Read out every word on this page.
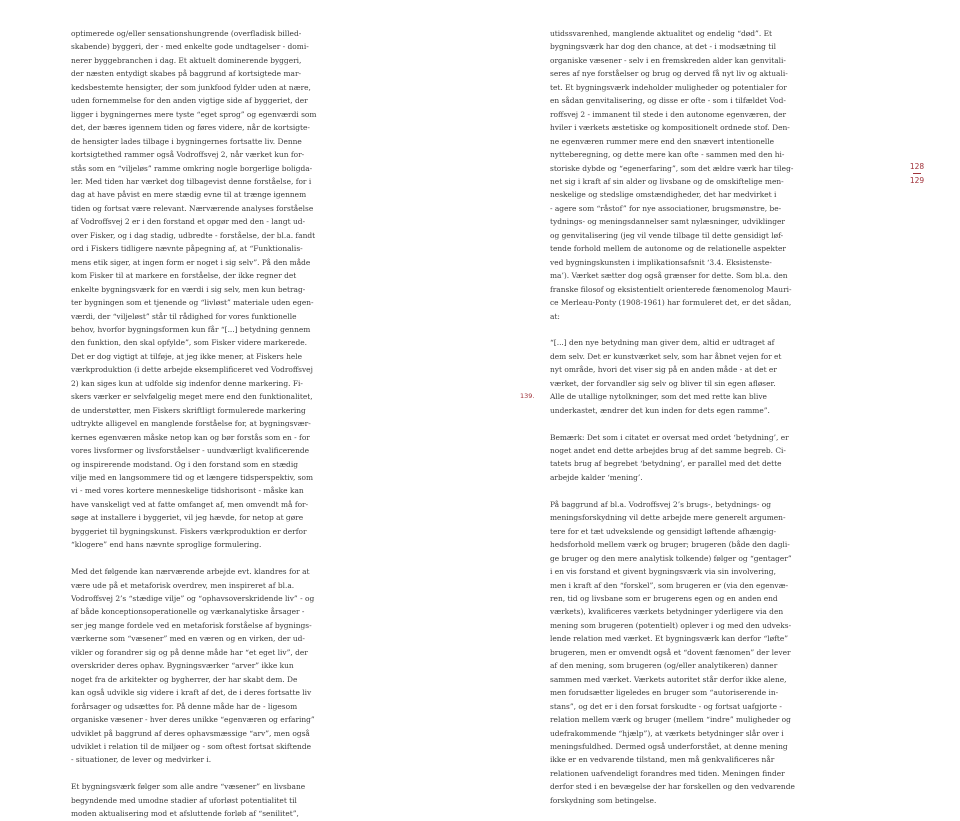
optimerede og/eller sensationshungrende (overfladisk billed-
skabende) byggeri, der - med enkelte gode undtagelser - domi-
nerer byggebranchen i dag. Et aktuelt dominerende byggeri,
der næsten entydigt skabes på baggrund af kortsigtede mar-
kedsbestemte hensigter, der som junkfood fylder uden at nære,
uden fornemmelse for den anden vigtige side af byggeriet, der
ligger i bygningernes mere tyste “eget sprog” og egenværdi som
det, der bæres igennem tiden og føres videre, når de kortsigte-
de hensigter lades tilbage i bygningernes fortsatte liv. Denne
kortsigtethed rammer også Vodroffsvej 2, når værket kun for-
stås som en “viljeløs” ramme omkring nogle borgerlige boligda-
ler. Med tiden har værket dog tilbagevist denne forståelse, for i
dag at have påvist en mere stædig evne til at trænge igennem
tiden og fortsat være relevant. Nærværende analyses forståelse
af Vodroffsvej 2 er i den forstand et opgør med den - langt ud-
over Fisker, og i dag stadig, udbredte - forståelse, der bl.a. fandt
ord i Fiskers tidligere nævnte påpegning af, at “Funktionalis-
mens etik siger, at ingen form er noget i sig selv”. På den måde
kom Fisker til at markere en forståelse, der ikke regner det
enkelte bygningsværk for en værdi i sig selv, men kun betrag-
ter bygningen som et tjenende og “livløst” materiale uden egen-
værdi, der “viljeløst” står til rådighed for vores funktionelle
behov, hvorfor bygningsformen kun får “[...] betydning gennem
den funktion, den skal opfylde”, som Fisker videre markerede.
Det er dog vigtigt at tilføje, at jeg ikke mener, at Fiskers hele
værkproduktion (i dette arbejde eksemplificeret ved Vodroffsvej
2) kan siges kun at udfolde sig indenfor denne markering. Fi-
skers værker er selvfølgelig meget mere end den funktionalitet,
de understøtter, men Fiskers skriftligt formulerede markering
udtrykte alligevel en manglende forståelse for, at bygningsvær-
kernes egenværen måske netop kan og bør forstås som en - for
vores livsformer og livsforståelser - uundværligt kvalificerende
og inspirerende modstand. Og i den forstand som en stædig
vilje med en langsommere tid og et længere tidsperspektiv, som
vi - med vores kortere menneskelige tidshorisont - måske kan
have vanskeligt ved at fatte omfanget af, men omvendt må for-
søge at installere i byggeriet, vil jeg hævde, for netop at gøre
byggeriet til bygningskunst. Fiskers værkproduktion er derfor
“klogere” end hans nævnte sproglige formulering.

Med det følgende kan nærværende arbejde evt. klandres for at
være ude på et metaforisk overdrev, men inspireret af bl.a.
Vodroffsvej 2’s “stædige vilje” og “ophavsoverskridende liv” - og
af både konceptionsoperationelle og værkanalytiske årsager -
ser jeg mange fordele ved en metaforisk forståelse af bygnings-
værkerne som “væsener” med en væren og en virken, der ud-
vikler og forandrer sig og på denne måde har “et eget liv”, der
overskrider deres ophav. Bygningsværker “arver” ikke kun
noget fra de arkitekter og bygherrer, der har skabt dem. De
kan også udvikle sig videre i kraft af det, de i deres fortsatte liv
forårsager og udsættes for. På denne måde har de - ligesom
organiske væsener - hver deres unikke “egenværen og erfaring”
udviklet på baggrund af deres ophavsmæssige “arv”, men også
udviklet i relation til de miljøer og - som oftest fortsat skiftende
- situationer, de lever og medvirker i.

Et bygningsværk følger som alle andre “væsener” en livsbane
begyndende med umodne stadier af uforløst potentialitet til
moden aktualisering mod et afsluttende forløb af “senilitet”,

139.

utidssvarenhed, manglende aktualitet og endelig “død”. Et
bygningsværk har dog den chance, at det - i modsætning til
organiske væsener - selv i en fremskreden alder kan genvitali-
seres af nye forståelser og brug og derved få nyt liv og aktuali-
tet. Et bygningsværk indeholder muligheder og potentialer for
en sådan genvitalisering, og disse er ofte - som i tilfældet Vod-
roffsvej 2 - immanent til stede i den autonome egenværen, der
hviler i værkets æstetiske og kompositionelt ordnede stof. Den-
ne egenværen rummer mere end den snævert intentionelle
nytteberegning, og dette mere kan ofte - sammen med den hi-
storiske dybde og “egenerfaring”, som det ældre værk har tileg-
net sig i kraft af sin alder og livsbane og de omskiftelige men-
neskelige og stedslige omstændigheder, det har medvirket i
- agere som “råstof” for nye associationer, brugsmønstre, be-
tydnings- og meningsdannelser samt nylæsninger, udviklinger
og genvitalisering (jeg vil vende tilbage til dette gensidigt løf-
tende forhold mellem de autonome og de relationelle aspekter
ved bygningskunsten i implikationsafsnit ‘3.4. Eksistenste-
ma’). Værket sætter dog også grænser for dette. Som bl.a. den
franske filosof og eksistentielt orienterede fænomenolog Mauri-
ce Merleau-Ponty (1908-1961) har formuleret det, er det sådan,
at:

“[...] den nye betydning man giver dem, altid er udtraget af
dem selv. Det er kunstværket selv, som har åbnet vejen for et
nyt område, hvori det viser sig på en anden måde - at det er
værket, der forvandler sig selv og bliver til sin egen afløser.
Alle de utallige nytolkninger, som det med rette kan blive
underkastet, ændrer det kun inden for dets egen ramme”.

Bemærk: Det som i citatet er oversat med ordet ‘betydning’, er
noget andet end dette arbejdes brug af det samme begreb. Ci-
tatets brug af begrebet ‘betydning’, er parallel med det dette
arbejde kalder ‘mening’.

På baggrund af bl.a. Vodroffsvej 2’s brugs-, betydnings- og
meningsforskydning vil dette arbejde mere generelt argumen-
tere for et tæt udvekslende og gensidigt løftende afhængig-
hedsforhold mellem værk og bruger; brugeren (både den dagli-
ge bruger og den mere analytisk tolkende) følger og “gentager”
i en vis forstand et givent bygningsværk via sin involvering,
men i kraft af den “forskel”, som brugeren er (via den egenvæ-
ren, tid og livsbane som er brugerens egen og en anden end
værkets), kvalificeres værkets betydninger yderligere via den
mening som brugeren (potentielt) oplever i og med den udveks-
lende relation med værket. Et bygningsværk kan derfor “løfte”
brugeren, men er omvendt også et “dovent fænomen” der lever
af den mening, som brugeren (og/eller analytikeren) danner
sammen med værket. Værkets autoritet står derfor ikke alene,
men forudsætter ligeledes en bruger som “autoriserende in-
stans”, og det er i den forsat forskudte - og fortsat uafgjorte -
relation mellem værk og bruger (mellem “indre” muligheder og
udefrakommende “hjælp”), at værkets betydninger slår over i
meningsfuldhed. Dermed også underforstået, at denne mening
ikke er en vedvarende tilstand, men må genkvalificeres når
relationen uafvendeligt forandres med tiden. Meningen finder
derfor sted i en bevægelse der har forskellen og den vedvarende
forskydning som betingelse.

128
129
